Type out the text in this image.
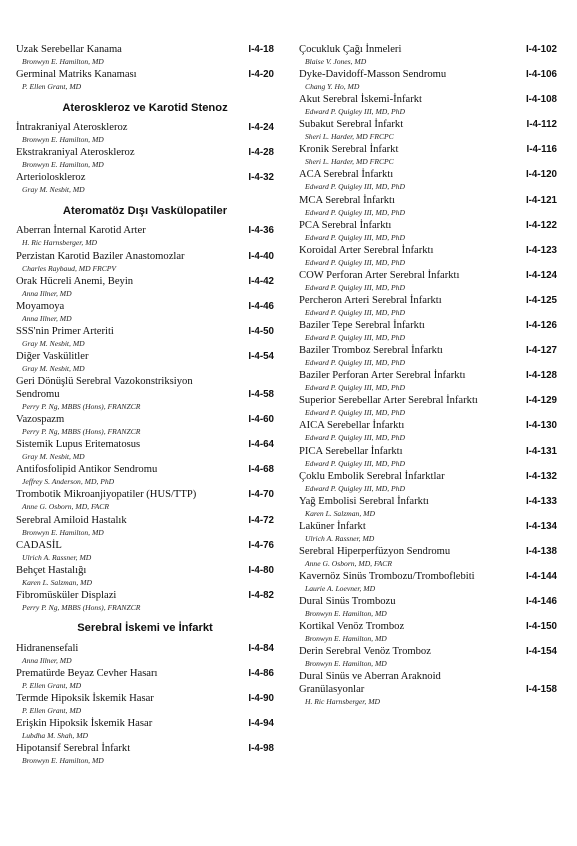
Uzak Serebellar Kanama	I-4-18
Bronwyn E. Hamilton, MD
Germinal Matriks Kanaması	I-4-20
P. Ellen Grant, MD
Ateroskleroz ve Karotid Stenoz
İntrakraniyal Ateroskleroz	I-4-24
Bronwyn E. Hamilton, MD
Ekstrakraniyal Ateroskleroz	I-4-28
Bronwyn E. Hamilton, MD
Arterioloskleroz	I-4-32
Gray M. Nesbit, MD
Ateromatöz Dışı Vaskülopatiler
Aberran İnternal Karotid Arter	I-4-36
H. Ric Harnsberger, MD
Perzistan Karotid Baziler Anastomozlar	I-4-40
Charles Raybaud, MD FRCPV
Orak Hücreli Anemi, Beyin	I-4-42
Anna Illner, MD
Moyamoya	I-4-46
Anna Illner, MD
SSS'nin Primer Arteriti	I-4-50
Gray M. Nesbit, MD
Diğer Vaskülitler	I-4-54
Gray M. Nesbit, MD
Geri Dönüşlü Serebral Vazokonstriksiyon
Sendromu	I-4-58
Perry P. Ng, MBBS (Hons), FRANZCR
Vazospazm	I-4-60
Perry P. Ng, MBBS (Hons), FRANZCR
Sistemik Lupus Eritematosus	I-4-64
Gray M. Nesbit, MD
Antifosfolipid Antikor Sendromu	I-4-68
Jeffrey S. Anderson, MD, PhD
Trombotik Mikroanjiyopatiler (HUS/TTP)	I-4-70
Anne G. Osborn, MD, FACR
Serebral Amiloid Hastalık	I-4-72
Bronwyn E. Hamilton, MD
CADASİL	I-4-76
Ulrich A. Rassner, MD
Behçet Hastalığı	I-4-80
Karen L. Salzman, MD
Fibromüsküler Displazi	I-4-82
Perry P. Ng, MBBS (Hons), FRANZCR
Serebral İskemi ve İnfarkt
Hidranensefali	I-4-84
Anna Illner, MD
Prematürde Beyaz Cevher Hasarı	I-4-86
P. Ellen Grant, MD
Termde Hipoksik İskemik Hasar	I-4-90
P. Ellen Grant, MD
Erişkin Hipoksik İskemik Hasar	I-4-94
Lubdha M. Shah, MD
Hipotansif Serebral İnfarkt	I-4-98
Bronwyn E. Hamilton, MD
Çocukluk Çağı İnmeleri	I-4-102
Blaise V. Jones, MD
Dyke-Davidoff-Masson Sendromu	I-4-106
Chang Y. Ho, MD
Akut Serebral İskemi-İnfarkt	I-4-108
Edward P. Quigley III, MD, PhD
Subakut Serebral İnfarkt	I-4-112
Sheri L. Harder, MD FRCPC
Kronik Serebral İnfarkt	I-4-116
Sheri L. Harder, MD FRCPC
ACA Serebral İnfarktı	I-4-120
Edward P. Quigley III, MD, PhD
MCA Serebral İnfarktı	I-4-121
Edward P. Quigley III, MD, PhD
PCA Serebral İnfarktı	I-4-122
Edward P. Quigley III, MD, PhD
Koroidal Arter Serebral İnfarktı	I-4-123
Edward P. Quigley III, MD, PhD
COW Perforan Arter Serebral İnfarktı	I-4-124
Edward P. Quigley III, MD, PhD
Percheron Arteri Serebral İnfarktı	I-4-125
Edward P. Quigley III, MD, PhD
Baziler Tepe Serebral İnfarktı	I-4-126
Edward P. Quigley III, MD, PhD
Baziler Tromboz Serebral İnfarktı	I-4-127
Edward P. Quigley III, MD, PhD
Baziler Perforan Arter Serebral İnfarktı	I-4-128
Edward P. Quigley III, MD, PhD
Superior Serebellar Arter Serebral İnfarktı	I-4-129
Edward P. Quigley III, MD, PhD
AICA Serebellar İnfarktı	I-4-130
Edward P. Quigley III, MD, PhD
PICA Serebellar İnfarktı	I-4-131
Edward P. Quigley III, MD, PhD
Çoklu Embolik Serebral İnfarktlar	I-4-132
Edward P. Quigley III, MD, PhD
Yağ Embolisi Serebral İnfarktı	I-4-133
Karen L. Salzman, MD
Laküner İnfarkt	I-4-134
Ulrich A. Rassner, MD
Serebral Hiperperfüzyon Sendromu	I-4-138
Anne G. Osborn, MD, FACR
Kavernöz Sinüs Trombozu/Tromboflebiti	I-4-144
Laurie A. Loevner, MD
Dural Sinüs Trombozu	I-4-146
Bronwyn E. Hamilton, MD
Kortikal Venöz Tromboz	I-4-150
Bronwyn E. Hamilton, MD
Derin Serebral Venöz Tromboz	I-4-154
Bronwyn E. Hamilton, MD
Dural Sinüs ve Aberran Araknoid
Granülasyonlar	I-4-158
H. Ric Harnsberger, MD
